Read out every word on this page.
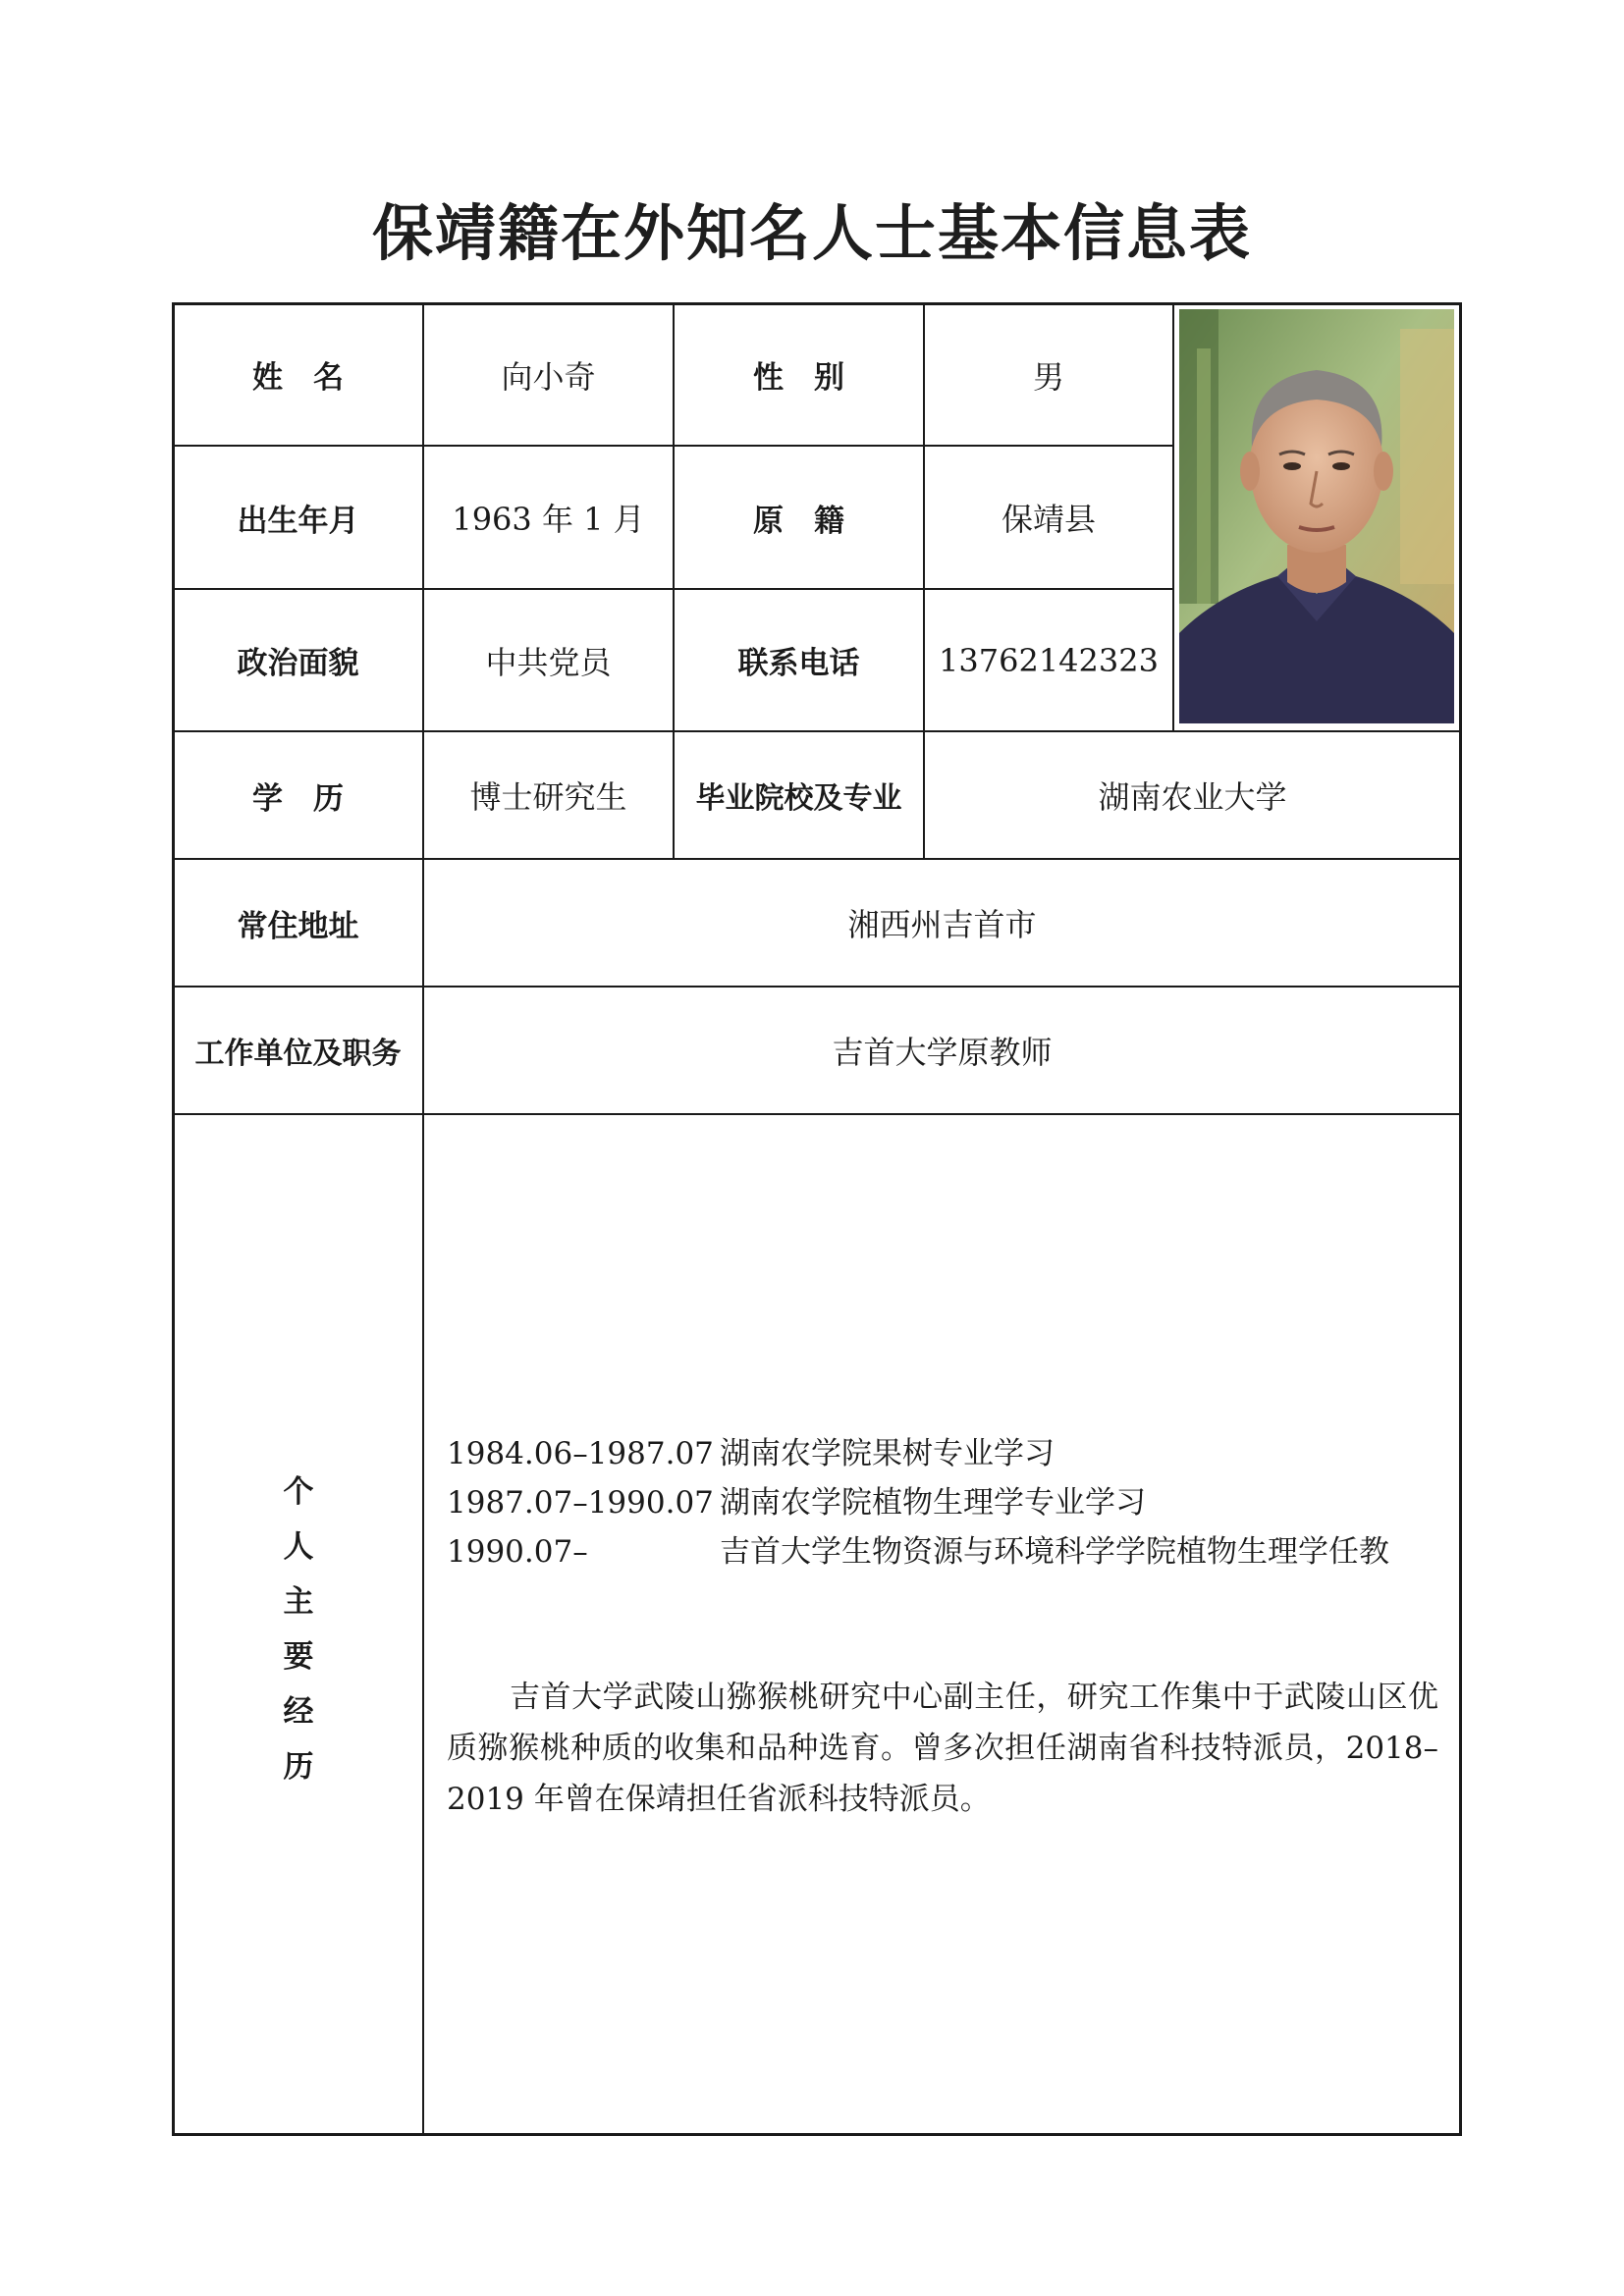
保靖籍在外知名人士基本信息表
姓　名	向小奇	性　别	男
出生年月	1963 年 1 月	原　籍	保靖县
政治面貌	中共党员	联系电话	13762142323
学　历	博士研究生	毕业院校及专业	湖南农业大学
常住地址	湘西州吉首市
工作单位及职务	吉首大学原教师
个
人
主
要
经
历
1984.06–1987.07 湖南农学院果树专业学习
1987.07–1990.07 湖南农学院植物生理学专业学习
1990.07–	吉首大学生物资源与环境科学学院植物生理学任教
吉首大学武陵山猕猴桃研究中心副主任，研究工作集中于武陵山区优质猕猴桃种质的收集和品种选育。曾多次担任湖南省科技特派员，2018–2019 年曾在保靖担任省派科技特派员。
